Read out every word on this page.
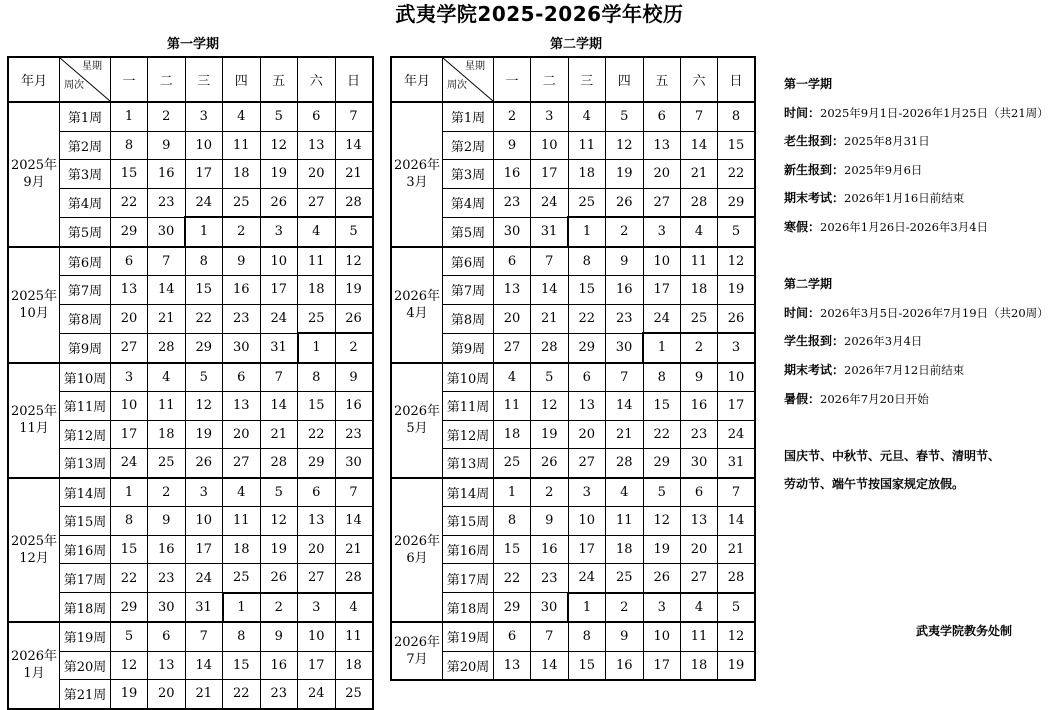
武夷学院2025-2026学年校历
第一学期	第二学期
年月	星期
周次	一	二	三	四	五	六	日
2025年
9月	第1周	1	2	3	4	5	6	7
	第2周	8	9	10	11	12	13	14
	第3周	15	16	17	18	19	20	21
	第4周	22	23	24	25	26	27	28
	第5周	29	30	1	2	3	4	5
2025年
10月	第6周	6	7	8	9	10	11	12
	第7周	13	14	15	16	17	18	19
	第8周	20	21	22	23	24	25	26
	第9周	27	28	29	30	31	1	2
2025年
11月	第10周	3	4	5	6	7	8	9
	第11周	10	11	12	13	14	15	16
	第12周	17	18	19	20	21	22	23
	第13周	24	25	26	27	28	29	30
2025年
12月	第14周	1	2	3	4	5	6	7
	第15周	8	9	10	11	12	13	14
	第16周	15	16	17	18	19	20	21
	第17周	22	23	24	25	26	27	28
	第18周	29	30	31	1	2	3	4
2026年
1月	第19周	5	6	7	8	9	10	11
	第20周	12	13	14	15	16	17	18
	第21周	19	20	21	22	23	24	25
年月	星期
周次	一	二	三	四	五	六	日
2026年
3月	第1周	2	3	4	5	6	7	8
	第2周	9	10	11	12	13	14	15
	第3周	16	17	18	19	20	21	22
	第4周	23	24	25	26	27	28	29
	第5周	30	31	1	2	3	4	5
2026年
4月	第6周	6	7	8	9	10	11	12
	第7周	13	14	15	16	17	18	19
	第8周	20	21	22	23	24	25	26
	第9周	27	28	29	30	1	2	3
2026年
5月	第10周	4	5	6	7	8	9	10
	第11周	11	12	13	14	15	16	17
	第12周	18	19	20	21	22	23	24
	第13周	25	26	27	28	29	30	31
2026年
6月	第14周	1	2	3	4	5	6	7
	第15周	8	9	10	11	12	13	14
	第16周	15	16	17	18	19	20	21
	第17周	22	23	24	25	26	27	28
	第18周	29	30	1	2	3	4	5
2026年
7月	第19周	6	7	8	9	10	11	12
	第20周	13	14	15	16	17	18	19
第一学期
时间：2025年9月1日-2026年1月25日（共21周）
老生报到：2025年8月31日
新生报到：2025年9月6日
期末考试：2026年1月16日前结束
寒假：2026年1月26日-2026年3月4日
第二学期
时间：2026年3月5日-2026年7月19日（共20周）
学生报到：2026年3月4日
期末考试：2026年7月12日前结束
暑假：2026年7月20日开始
国庆节、中秋节、元旦、春节、清明节、
劳动节、端午节按国家规定放假。
武夷学院教务处制
